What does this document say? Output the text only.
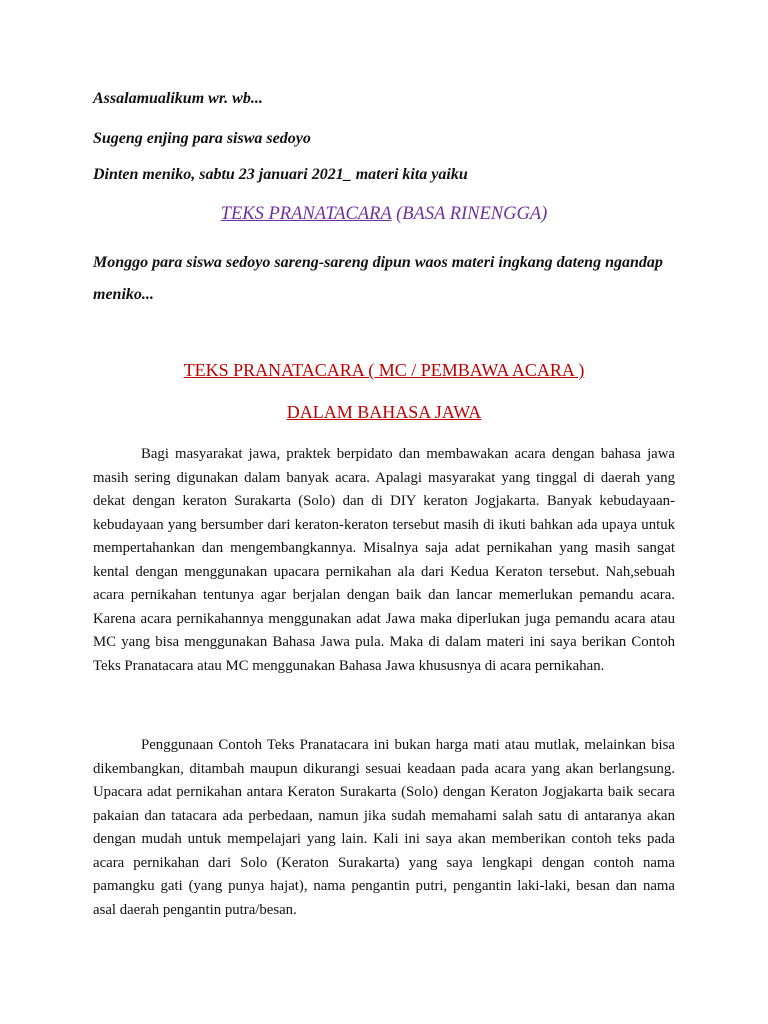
Assalamualikum wr. wb...
Sugeng enjing para siswa sedoyo
Dinten meniko, sabtu 23 januari 2021_ materi kita yaiku
TEKS PRANATACARA (BASA RINENGGA)
Monggo para siswa sedoyo sareng-sareng dipun waos materi ingkang dateng ngandap meniko...
TEKS PRANATACARA ( MC / PEMBAWA ACARA )
DALAM BAHASA JAWA

Bagi masyarakat jawa, praktek berpidato dan membawakan acara dengan bahasa jawa masih sering digunakan dalam banyak acara. Apalagi masyarakat yang tinggal di daerah yang dekat dengan keraton Surakarta (Solo) dan di DIY keraton Jogjakarta. Banyak kebudayaan-kebudayaan yang bersumber dari keraton-keraton tersebut masih di ikuti bahkan ada upaya untuk mempertahankan dan mengembangkannya. Misalnya saja adat pernikahan yang masih sangat kental dengan menggunakan upacara pernikahan ala dari Kedua Keraton tersebut. Nah,sebuah acara pernikahan tentunya agar berjalan dengan baik dan lancar memerlukan pemandu acara. Karena acara pernikahannya menggunakan adat Jawa maka diperlukan juga pemandu acara atau MC yang bisa menggunakan Bahasa Jawa pula. Maka di dalam materi ini saya berikan Contoh Teks Pranatacara atau MC menggunakan Bahasa Jawa khususnya di acara pernikahan.

Penggunaan Contoh Teks Pranatacara ini bukan harga mati atau mutlak, melainkan bisa dikembangkan, ditambah maupun dikurangi sesuai keadaan pada acara yang akan berlangsung. Upacara adat pernikahan antara Keraton Surakarta (Solo) dengan Keraton Jogjakarta baik secara pakaian dan tatacara ada perbedaan, namun jika sudah memahami salah satu di antaranya akan dengan mudah untuk mempelajari yang lain. Kali ini saya akan memberikan contoh teks pada acara pernikahan dari Solo (Keraton Surakarta) yang saya lengkapi dengan contoh nama pamangku gati (yang punya hajat), nama pengantin putri, pengantin laki-laki, besan dan nama asal daerah pengantin putra/besan.
